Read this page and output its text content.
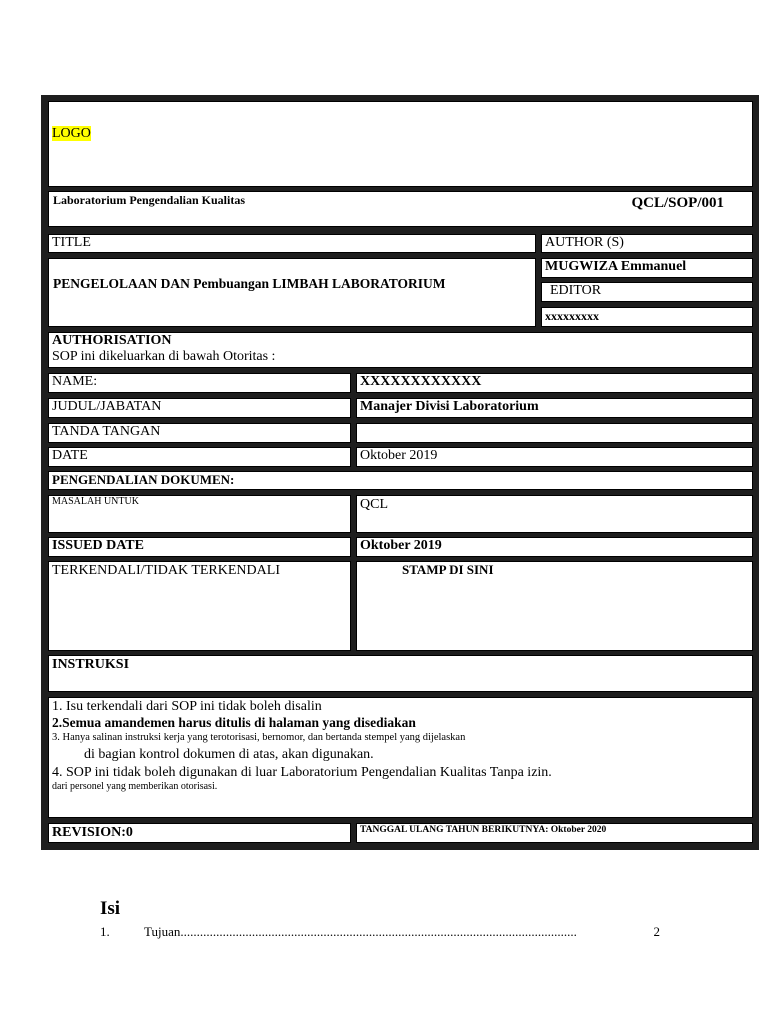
LOGO
Laboratorium Pengendalian Kualitas	QCL/SOP/001
TITLE	AUTHOR (S)
PENGELOLAAN DAN Pembuangan LIMBAH LABORATORIUM
MUGWIZA Emmanuel
EDITOR
xxxxxxxxx
AUTHORISATION
SOP ini dikeluarkan di bawah Otoritas :
NAME:	XXXXXXXXXXXX
JUDUL/JABATAN	Manajer Divisi Laboratorium
TANDA TANGAN
DATE	Oktober 2019
PENGENDALIAN DOKUMEN:
MASALAH UNTUK	QCL
ISSUED DATE	Oktober 2019
TERKENDALI/TIDAK TERKENDALI	STAMP DI SINI
INSTRUKSI
1. Isu terkendali dari SOP ini tidak boleh disalin
2.Semua amandemen harus ditulis di halaman yang disediakan
3. Hanya salinan instruksi kerja yang terotorisasi, bernomor, dan bertanda stempel yang dijelaskan
di bagian kontrol dokumen di atas, akan digunakan.
4. SOP ini tidak boleh digunakan di luar Laboratorium Pengendalian Kualitas Tanpa izin.
dari personel yang memberikan otorisasi.
REVISION:0	TANGGAL ULANG TAHUN BERIKUTNYA: Oktober 2020
Isi
1.	Tujuan ..........................................................................................................................	2
